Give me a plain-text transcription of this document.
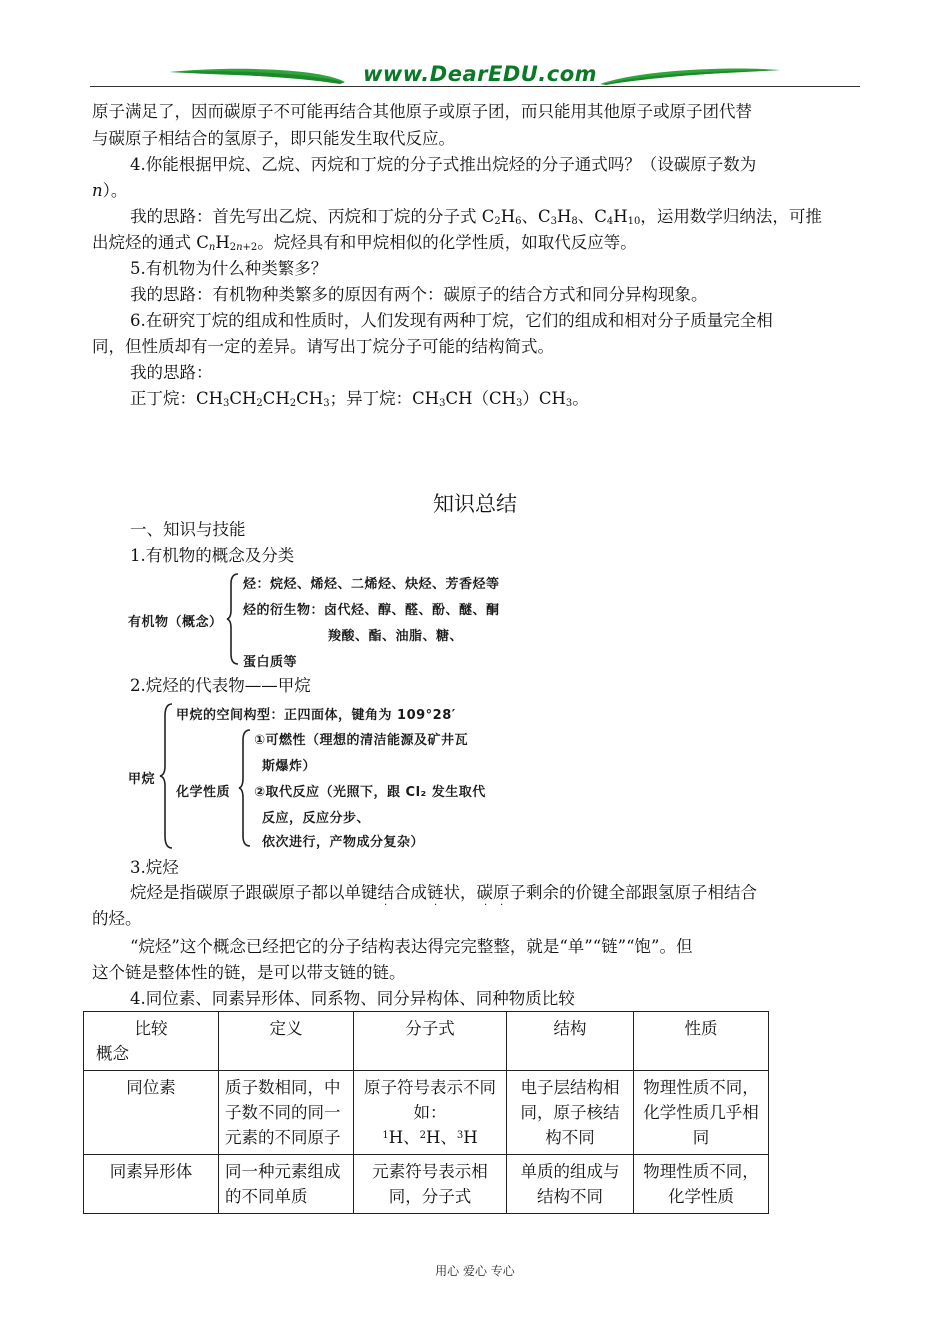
www.DearEDU.com
原子满足了，因而碳原子不可能再结合其他原子或原子团，而只能用其他原子或原子团代替
与碳原子相结合的氢原子，即只能发生取代反应。
4.你能根据甲烷、乙烷、丙烷和丁烷的分子式推出烷烃的分子通式吗？（设碳原子数为
n）。
我的思路：首先写出乙烷、丙烷和丁烷的分子式 $C_2H_6$、$C_3H_8$、$C_4H_{10}$，运用数学归纳法，可推
出烷烃的通式 $C_nH_{2n+2}$。烷烃具有和甲烷相似的化学性质，如取代反应等。
5.有机物为什么种类繁多？
我的思路：有机物种类繁多的原因有两个：碳原子的结合方式和同分异构现象。
6.在研究丁烷的组成和性质时，人们发现有两种丁烷，它们的组成和相对分子质量完全相
同，但性质却有一定的差异。请写出丁烷分子可能的结构简式。
我的思路：
正丁烷：$CH_3CH_2CH_2CH_3$；异丁烷：$CH_3CH(CH_3)CH_3$。
知识总结
一、知识与技能
1.有机物的概念及分类
有机物（概念）
烃：烷烃、烯烃、二烯烃、炔烃、芳香烃等
烃的衍生物：卤代烃、醇、醛、酚、醚、酮
羧酸、酯、油脂、糖、
蛋白质等
2.烷烃的代表物——甲烷
甲烷
甲烷的空间构型：正四面体，键角为 109°28′
化学性质
①可燃性（理想的清洁能源及矿井瓦
斯爆炸）
②取代反应（光照下，跟 Cl₂ 发生取代
反应，反应分步、
依次进行，产物成分复杂）
3.烷烃
烷烃是指碳原子跟碳原子都以单键结合成链状，碳原子剩余的价键全部跟氢原子相结合
·	·	· ·
的烃。
“烷烃”这个概念已经把它的分子结构表达得完完整整，就是“单”“链”“饱”。但
这个链是整体性的链，是可以带支链的链。
4.同位素、同素异形体、同系物、同分异构体、同种物质比较
比较
概念	定义	分子式	结构	性质
同位素	质子数相同，中子数不同的同一元素的不同原子	原子符号表示不同如：
$^1$H、$^2$H、$^3$H	电子层结构相同，原子核结构不同	物理性质不同，化学性质几乎相同
同素异形体	同一种元素组成的不同单质	元素符号表示相同，分子式	单质的组成与结构不同	物理性质不同，化学性质
用心 爱心 专心
